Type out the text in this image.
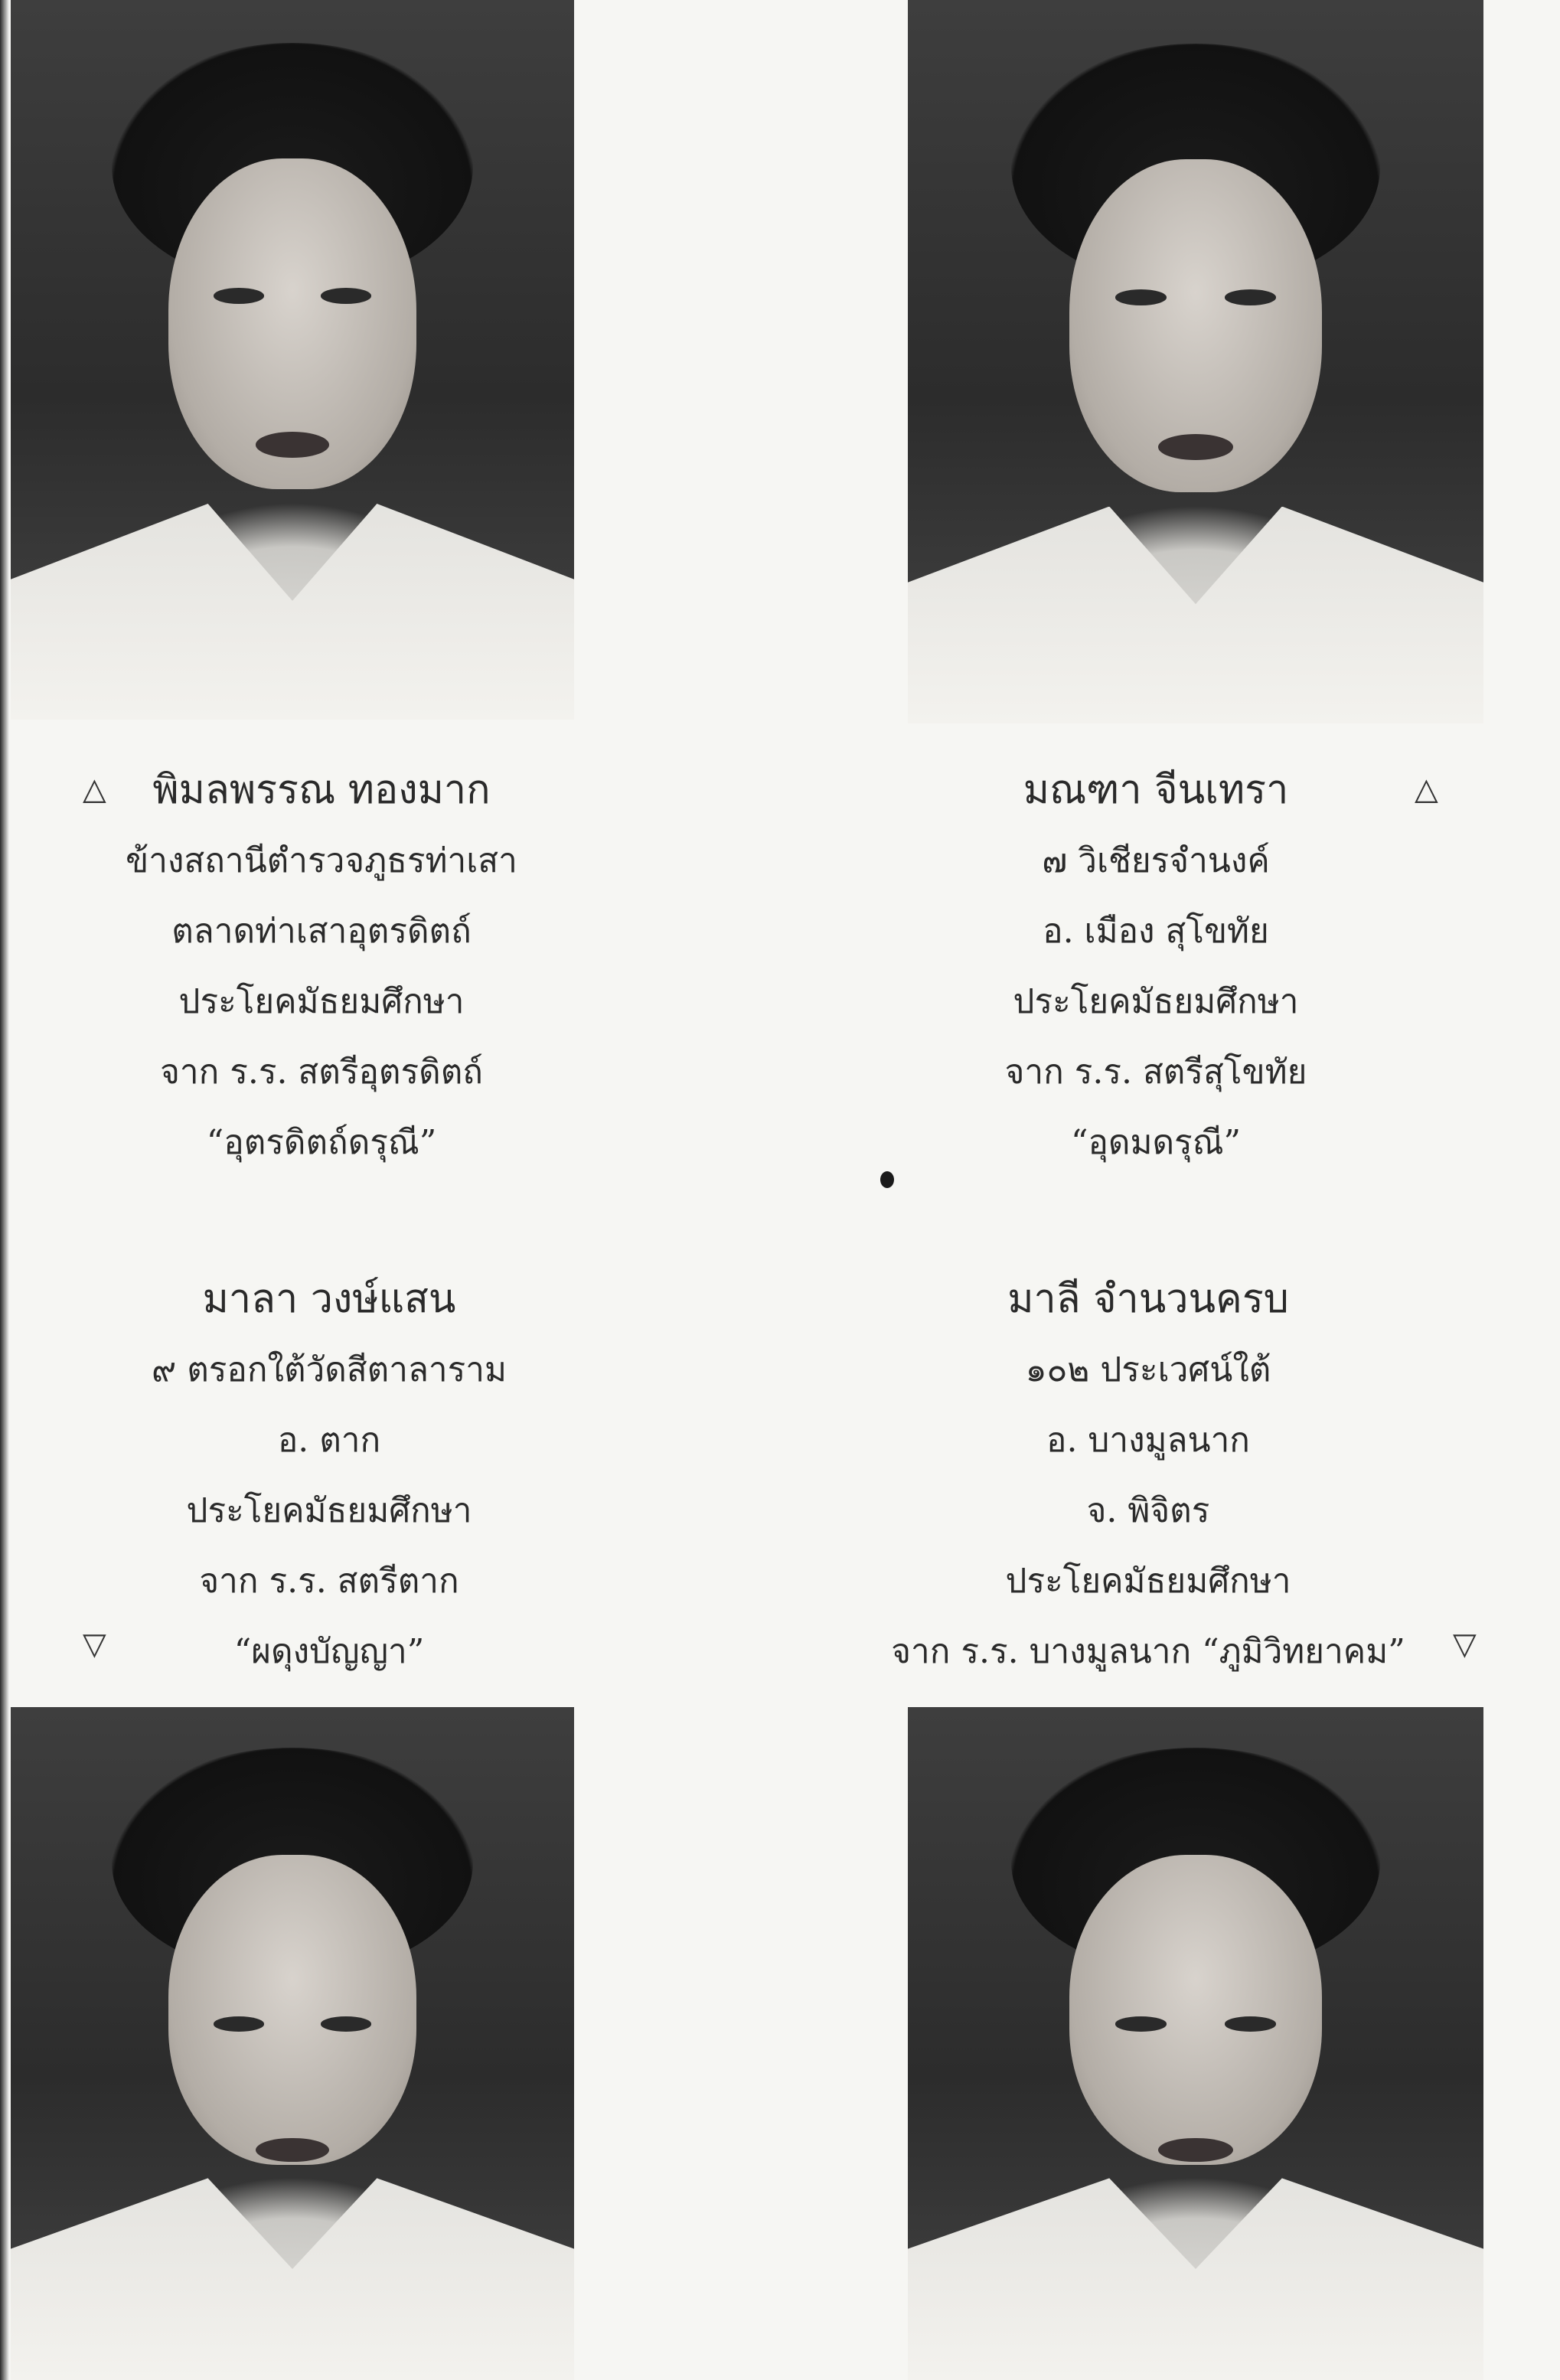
△	พิมลพรรณ ทองมาก
ข้างสถานีตำรวจภูธรท่าเสา
ตลาดท่าเสาอุตรดิตถ์
ประโยคมัธยมศึกษา
จาก ร.ร. สตรีอุตรดิตถ์
“อุตรดิตถ์ดรุณี”
มณฑา จีนเทรา
๗ วิเชียรจำนงค์
อ. เมือง สุโขทัย
ประโยคมัธยมศึกษา
จาก ร.ร. สตรีสุโขทัย
“อุดมดรุณี”
△
มาลา วงษ์แสน
๙ ตรอกใต้วัดสีตาลาราม
อ. ตาก
ประโยคมัธยมศึกษา
จาก ร.ร. สตรีตาก
“ผดุงบัญญา”
▽
มาลี จำนวนครบ
๑๐๒ ประเวศน์ใต้
อ. บางมูลนาก
จ. พิจิตร
ประโยคมัธยมศึกษา
จาก ร.ร. บางมูลนาก “ภูมิวิทยาคม”	▽
